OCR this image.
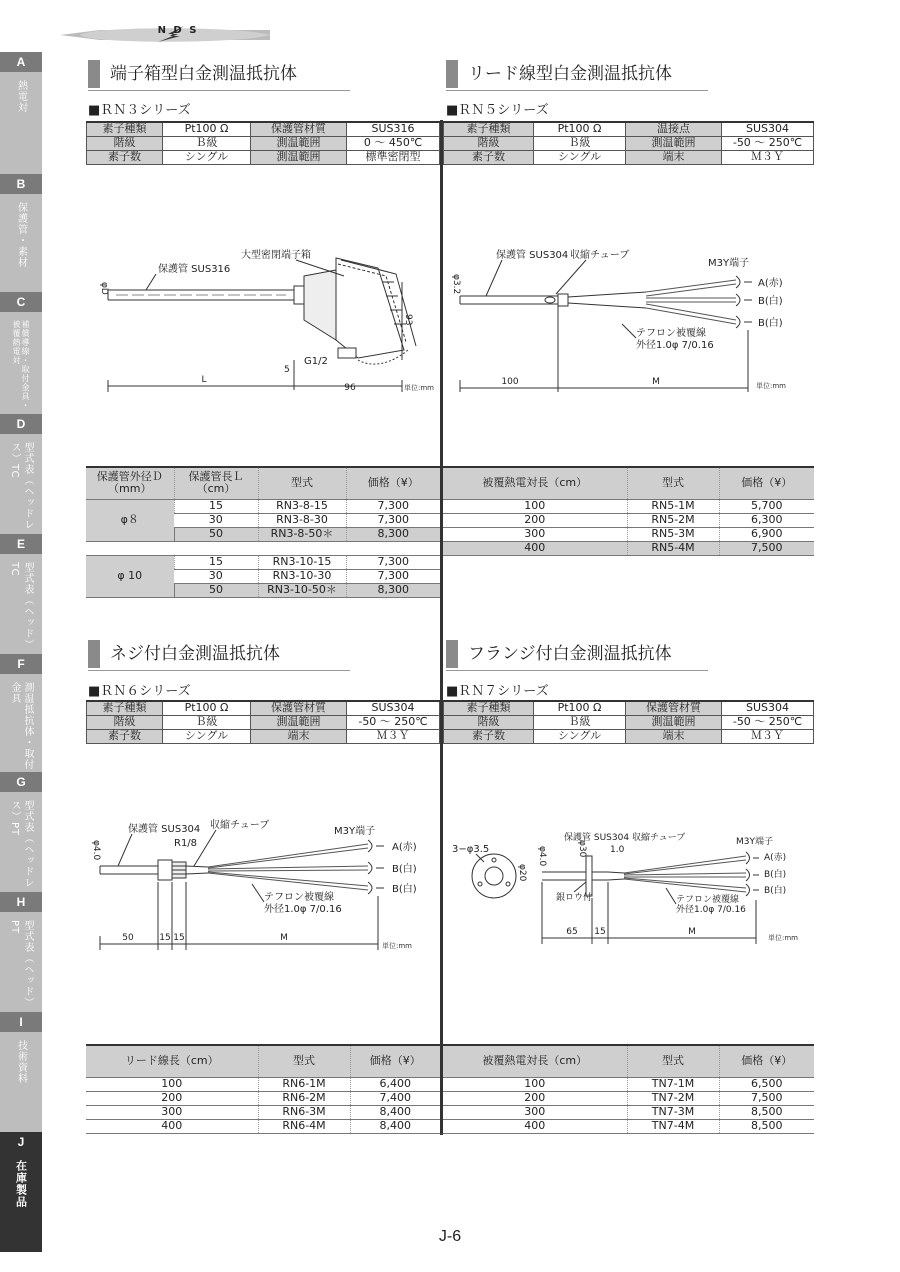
N D S
A
熱電対
B
保護管・素材
C
補償導線・取付金具・被覆熱電対
D
型式表（ヘッドレス）TC
E
型式表（ヘッド）TC
F
測温抵抗体・取付金具
G
型式表（ヘッドレス）PT
H
型式表（ヘッド）PT
I
技術資料
J
在庫製品
端子箱型白金測温抵抗体
■ＲＮ３シリーズ
素子種類	Pt100 Ω	保護管材質	SUS316
階級	Ｂ級	測温範囲	0 ～ 450℃
素子数	シングル	測温範囲	標準密閉型
93
L
96
5
G1/2
大型密閉端子箱
保護管 SUS316
φD
単位:mm
保護管外径Ｄ（mm）	保護管長Ｌ（cm）	型式	価格（¥）
φ８	15	RN3-8-15	7,300
	30	RN3-8-30	7,300
	50	RN3-8-50＊	8,300

φ 10	15	RN3-10-15	7,300
	30	RN3-10-30	7,300
	50	RN3-10-50＊	8,300
リード線型白金測温抵抗体
■ＲＮ５シリーズ
素子種類	Pt100 Ω	温接点	SUS304
階級	Ｂ級	測温範囲	-50 ～ 250℃
素子数	シングル	端末	Ｍ３Ｙ
A(赤)
B(白)
B(白)
M3Y端子
保護管 SUS304 収縮チューブ
テフロン被覆線
外径1.0φ 7/0.16
φ3.2
100	M	単位:mm
被覆熱電対長（cm）	型式	価格（¥）
100	RN5-1M	5,700
200	RN5-2M	6,300
300	RN5-3M	6,900
400	RN5-4M	7,500
ネジ付白金測温抵抗体
■ＲＮ６シリーズ
素子種類	Pt100 Ω	保護管材質	SUS304
階級	Ｂ級	測温範囲	-50 ～ 250℃
素子数	シングル	端末	Ｍ３Ｙ
A(赤)
B(白)
B(白)
M3Y端子
保護管 SUS304 収縮チューブ
R1/8
テフロン被覆線
外径1.0φ 7/0.16
φ4.0
50	15 15	M
単位:mm
リード線長（cm）	型式	価格（¥）
100	RN6-1M	6,400
200	RN6-2M	7,400
300	RN6-3M	8,400
400	RN6-4M	8,400
フランジ付白金測温抵抗体
■ＲＮ７シリーズ
素子種類	Pt100 Ω	保護管材質	SUS304
階級	Ｂ級	測温範囲	-50 ～ 250℃
素子数	シングル	端末	Ｍ３Ｙ
3−φ3.5
A(赤)
B(白)
B(白)
M3Y端子
保護管 SUS304 収縮チューブ
1.0
銀ロウ付
φ4.0	φ30
φ20
テフロン被覆線
外径1.0φ 7/0.16
65 15	M
単位:mm
被覆熱電対長（cm）	型式	価格（¥）
100	TN7-1M	6,500
200	TN7-2M	7,500
300	TN7-3M	8,500
400	TN7-4M	8,500
J-6
